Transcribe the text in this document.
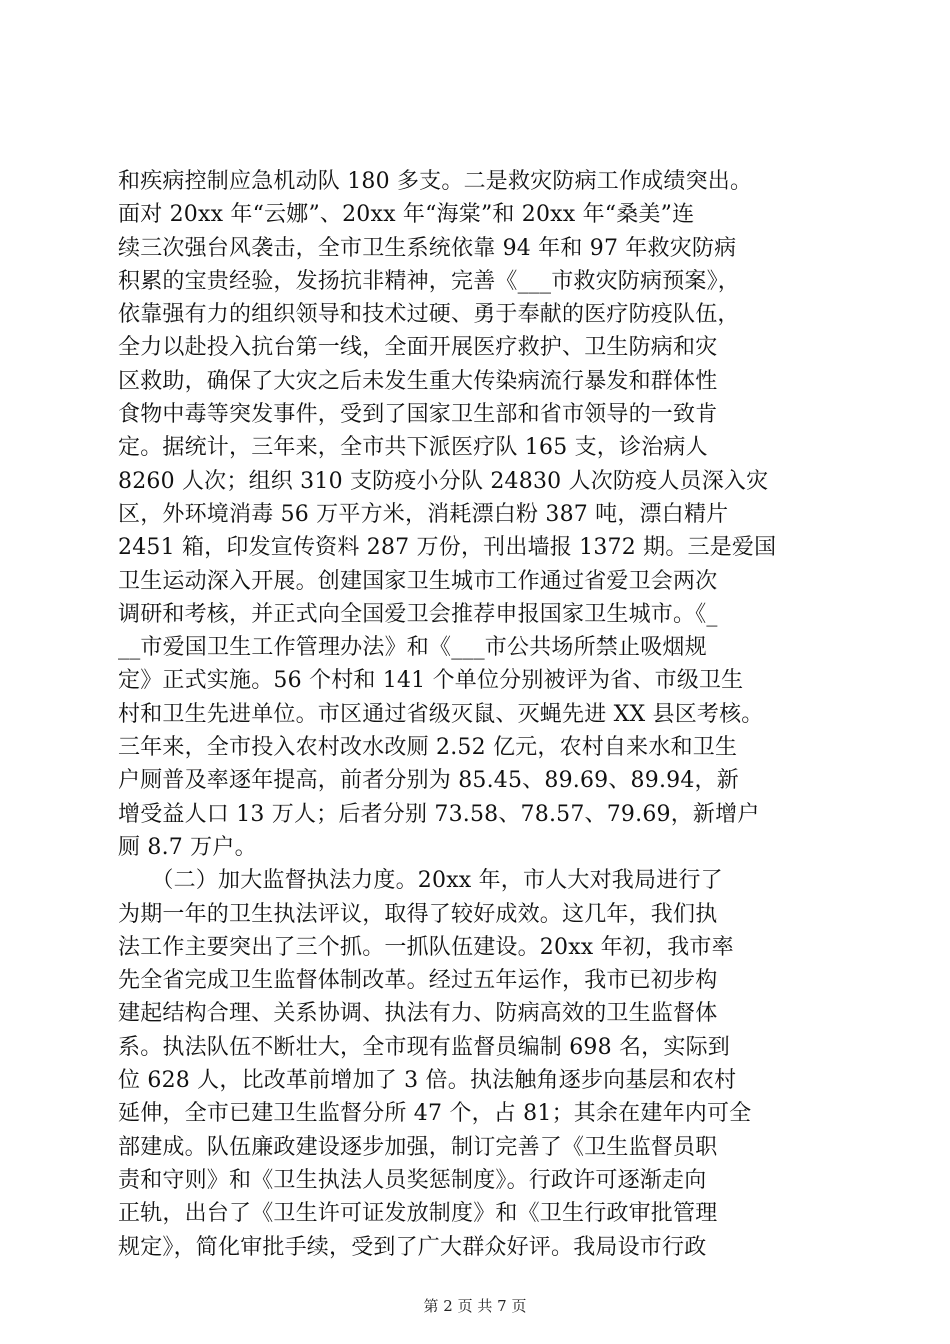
和疾病控制应急机动队 180 多支。二是救灾防病工作成绩突出。
面对 20xx 年“云娜”、20xx 年“海棠”和 20xx 年“桑美”连
续三次强台风袭击，全市卫生系统依靠 94 年和 97 年救灾防病
积累的宝贵经验，发扬抗非精神，完善《___市救灾防病预案》，
依靠强有力的组织领导和技术过硬、勇于奉献的医疗防疫队伍，
全力以赴投入抗台第一线，全面开展医疗救护、卫生防病和灾
区救助，确保了大灾之后未发生重大传染病流行暴发和群体性
食物中毒等突发事件，受到了国家卫生部和省市领导的一致肯
定。据统计，三年来，全市共下派医疗队 165 支，诊治病人
8260 人次；组织 310 支防疫小分队 24830 人次防疫人员深入灾
区，外环境消毒 56 万平方米，消耗漂白粉 387 吨，漂白精片
2451 箱，印发宣传资料 287 万份，刊出墙报 1372 期。三是爱国
卫生运动深入开展。创建国家卫生城市工作通过省爱卫会两次
调研和考核，并正式向全国爱卫会推荐申报国家卫生城市。《_
__市爱国卫生工作管理办法》和《___市公共场所禁止吸烟规
定》正式实施。56 个村和 141 个单位分别被评为省、市级卫生
村和卫生先进单位。市区通过省级灭鼠、灭蝇先进 XX 县区考核。
三年来，全市投入农村改水改厕 2.52 亿元，农村自来水和卫生
户厕普及率逐年提高，前者分别为 85.45、89.69、89.94，新
增受益人口 13 万人；后者分别 73.58、78.57、79.69，新增户
厕 8.7 万户。
　　（二）加大监督执法力度。20xx 年，市人大对我局进行了
为期一年的卫生执法评议，取得了较好成效。这几年，我们执
法工作主要突出了三个抓。一抓队伍建设。20xx 年初，我市率
先全省完成卫生监督体制改革。经过五年运作，我市已初步构
建起结构合理、关系协调、执法有力、防病高效的卫生监督体
系。执法队伍不断壮大，全市现有监督员编制 698 名，实际到
位 628 人，比改革前增加了 3 倍。执法触角逐步向基层和农村
延伸，全市已建卫生监督分所 47 个，占 81；其余在建年内可全
部建成。队伍廉政建设逐步加强，制订完善了《卫生监督员职
责和守则》和《卫生执法人员奖惩制度》。行政许可逐渐走向
正轨，出台了《卫生许可证发放制度》和《卫生行政审批管理
规定》，简化审批手续，受到了广大群众好评。我局设市行政
第 2 页 共 7 页
